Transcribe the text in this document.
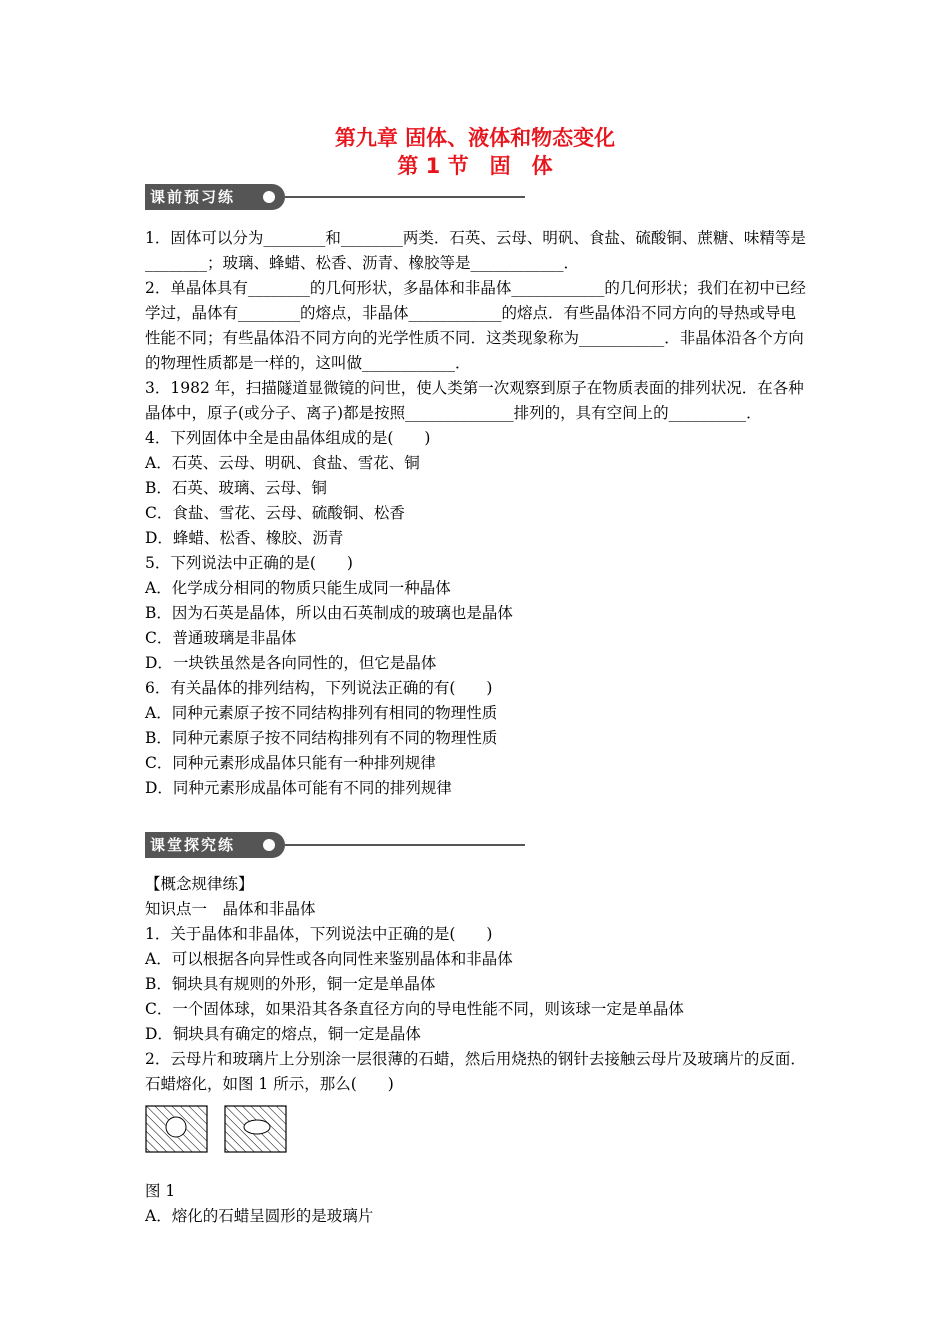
第九章 固体、液体和物态变化
第 1 节　固　体
课前预习练

1．固体可以分为________和________两类．石英、云母、明矾、食盐、硫酸铜、蔗糖、味精等是________；玻璃、蜂蜡、松香、沥青、橡胶等是____________．

2．单晶体具有________的几何形状，多晶体和非晶体____________的几何形状；我们在初中已经学过，晶体有________的熔点，非晶体____________的熔点．有些晶体沿不同方向的导热或导电性能不同；有些晶体沿不同方向的光学性质不同．这类现象称为___________．非晶体沿各个方向的物理性质都是一样的，这叫做____________．

3．1982 年，扫描隧道显微镜的问世，使人类第一次观察到原子在物质表面的排列状况．在各种晶体中，原子(或分子、离子)都是按照______________排列的，具有空间上的__________．

4．下列固体中全是由晶体组成的是(　　)

A．石英、云母、明矾、食盐、雪花、铜

B．石英、玻璃、云母、铜

C．食盐、雪花、云母、硫酸铜、松香

D．蜂蜡、松香、橡胶、沥青

5．下列说法中正确的是(　　)

A．化学成分相同的物质只能生成同一种晶体

B．因为石英是晶体，所以由石英制成的玻璃也是晶体

C．普通玻璃是非晶体

D．一块铁虽然是各向同性的，但它是晶体

6．有关晶体的排列结构，下列说法正确的有(　　)

A．同种元素原子按不同结构排列有相同的物理性质

B．同种元素原子按不同结构排列有不同的物理性质

C．同种元素形成晶体只能有一种排列规律

D．同种元素形成晶体可能有不同的排列规律

课堂探究练

【概念规律练】

知识点一　晶体和非晶体

1．关于晶体和非晶体，下列说法中正确的是(　　)

A．可以根据各向异性或各向同性来鉴别晶体和非晶体

B．铜块具有规则的外形，铜一定是单晶体

C．一个固体球，如果沿其各条直径方向的导电性能不同，则该球一定是单晶体

D．铜块具有确定的熔点，铜一定是晶体

2．云母片和玻璃片上分别涂一层很薄的石蜡，然后用烧热的钢针去接触云母片及玻璃片的反面．石蜡熔化，如图 1 所示，那么(　　)

图 1

A．熔化的石蜡呈圆形的是玻璃片
